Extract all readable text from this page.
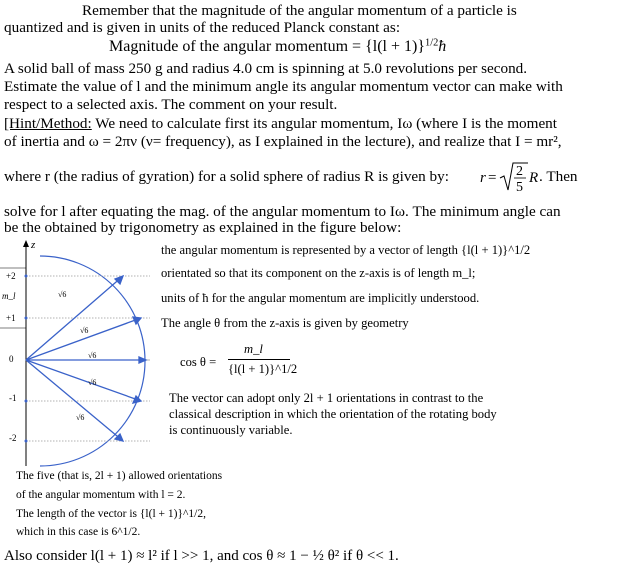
Remember that the magnitude of the angular momentum of a particle is
quantized and is given in units of the reduced Planck constant as:
Magnitude of the angular momentum = $\{l(l + 1)\}^{1/2}ħ$
A solid ball of mass 250 g and radius 4.0 cm is spinning at 5.0 revolutions per second.
Estimate the value of l and the minimum angle its angular momentum vector can make with
respect to a selected axis. The comment on your result.
[Hint/Method: We need to calculate first its angular momentum, Iω (where I is the moment
of inertia and ω = 2πν (ν= frequency), as I explained in the lecture), and realize that I = mr²,
where r (the radius of gyration) for a solid sphere of radius R is given by: r = 2
5
R . Then
solve for l after equating the mag. of the angular momentum to Iω. The minimum angle can
be the obtained by trigonometry as explained in the figure below:
z
m_l
+2
+1
0
-1
-2
√6
√6
√6
√6
√6
the angular momentum is represented by a vector of length {l(l + 1)}^1/2
orientated so that its component on the z-axis is of length m_l;
units of ħ for the angular momentum are implicitly understood.
The angle θ from the z-axis is given by geometry
cos θ =
m_l
{l(l + 1)}^1/2
The vector can adopt only 2l + 1 orientations in contrast to the
classical description in which the orientation of the rotating body
is continuously variable.
The five (that is, 2l + 1) allowed orientations
of the angular momentum with l = 2.
The length of the vector is {l(l + 1)}^1/2,
which in this case is 6^1/2.
Also consider l(l + 1) ≈ l² if l >> 1, and cos θ ≈ 1 − ½ θ² if θ << 1.
